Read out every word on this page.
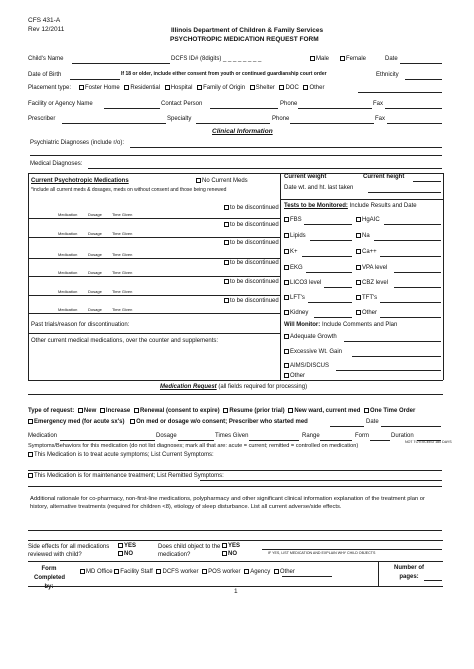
CFS 431-A
Rev 12/2011	Illinois Department of Children & Family Services
PSYCHOTROPIC MEDICATION REQUEST FORM
Child's Name	DCFS ID# (8digits) _ _ _ _ _ _ _ _	Male	Female	Date
Date of Birth	If 18 or older, include either consent from youth or continued guardianship court order	Ethnicity
Placement type:	Foster Home Residential Hospital Family of Origin Shelter DOC Other
Facility or Agency Name	Contact Person	Phone	Fax
Prescriber	Specialty	Phone	Fax
Clinical Information
Psychiatric Diagnoses (include r/o):
Medical Diagnoses:
Current Psychotropic Medications	No Current Meds
*include all current meds & dosages, meds on without consent and those being renewed
Medication	Dosage	Time Given
to be discontinued
Medication	Dosage	Time Given
to be discontinued
Medication	Dosage	Time Given
to be discontinued
Medication	Dosage	Time Given
to be discontinued
Medication	Dosage	Time Given
to be discontinued
Medication	Dosage	Time Given
to be discontinued
Past trials/reason for discontinuation:
Other current medical medications, over the counter and supplements:
Current weight	Current height
Date wt. and ht. last taken
Tests to be Monitored: Include Results and Date
FBS	HgAIC
Lipids	Na
K+	Ca++
EKG	VPA level
LICO3 level	CBZ level
LFT's	TFT's
Kidney	Other
Will Monitor: Include Comments and Plan
Adequate Growth
Excessive Wt. Gain
AIMS/DISCUS
Other
Medication Request (all fields required for processing)
Type of request: New Increase Renewal (consent to expire) Resume (prior trial) New ward, current med One Time Order
Emergency med (for acute sx's) On med or dosage w/o consent; Prescriber who started med	Date
Medication	Dosage	Times Given	Range	Form	Duration
NOT TO EXCEED 180 DAYS
Symptoms/Behaviors for this medication (do not list diagnoses; mark all that are: acute = current; remitted = controlled on medication)
This Medication is to treat acute symptoms; List Current Symptoms:
This Medication is for maintenance treatment; List Remitted Symptoms:
Additional rationale for co-pharmacy, non-first-line medications, polypharmacy and other significant clinical information explanation of the treatment plan or history, alternative treatments (required for children <8), etiology of sleep disturbance. List all current adverse/side effects.
Side effects for all medications reviewed with child?
YES
NO
Does child object to the medication?
YES
NO	IF YES, LIST MEDICATION AND EXPLAIN WHY CHILD OBJECTS
Form Completed by:
MD Office Facility Staff DCFS worker POS worker Agency Other
Number of pages:
1
